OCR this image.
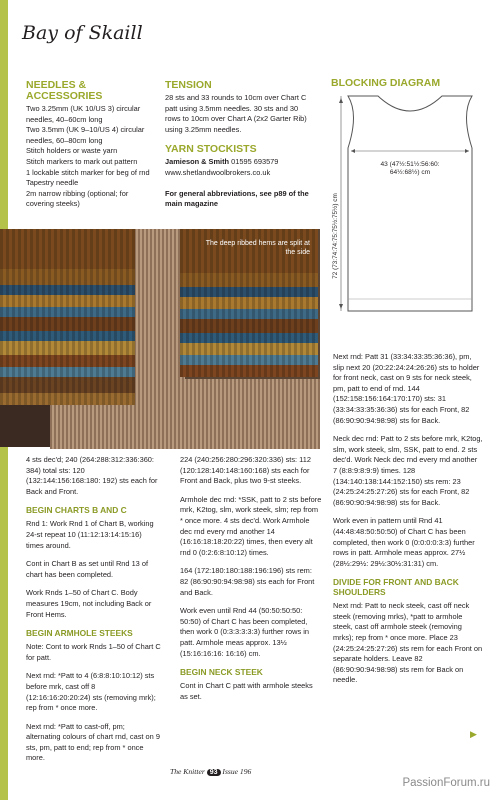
Bay of Skaill
NEEDLES & ACCESSORIES
Two 3.25mm (UK 10/US 3) circular needles, 40–60cm long
Two 3.5mm (UK 9–10/US 4) circular needles, 60–80cm long
Stitch holders or waste yarn
Stitch markers to mark out pattern
1 lockable stitch marker for beg of rnd
Tapestry needle
2m narrow ribbing (optional; for covering steeks)
TENSION
28 sts and 33 rounds to 10cm over Chart C patt using 3.5mm needles. 30 sts and 30 rows to 10cm over Chart A (2x2 Garter Rib) using 3.25mm needles.
YARN STOCKISTS
Jamieson & Smith 01595 693579
www.shetlandwoolbrokers.co.uk
For general abbreviations, see p89 of the main magazine
BLOCKING DIAGRAM
43 (47½:51½:56:60:
64½:68½) cm
72 (73:74:74:75:75½:75½) cm
The deep ribbed hems are split at the side

4 sts dec'd; 240 (264:288:312:336:360: 384) total sts: 120 (132:144:156:168:180: 192) sts each for Back and Front.

BEGIN CHARTS B AND C

Rnd 1: Work Rnd 1 of Chart B, working 24-st repeat 10 (11:12:13:14:15:16) times around.

Cont in Chart B as set until Rnd 13 of chart has been completed.

Work Rnds 1–50 of Chart C. Body measures 19cm, not including Back or Front Hems.

BEGIN ARMHOLE STEEKS

Note: Cont to work Rnds 1–50 of Chart C for patt.

Next rnd: *Patt to 4 (6:8:8:10:10:12) sts before mrk, cast off 8 (12:16:16:20:20:24) sts (removing mrk); rep from * once more.

Next rnd: *Patt to cast-off, pm; alternating colours of chart rnd, cast on 9 sts, pm, patt to end; rep from * once more.

224 (240:256:280:296:320:336) sts: 112 (120:128:140:148:160:168) sts each for Front and Back, plus two 9-st steeks.

Armhole dec rnd: *SSK, patt to 2 sts before mrk, K2tog, slm, work steek, slm; rep from * once more. 4 sts dec'd. Work Armhole dec rnd every rnd another 14 (16:16:18:18:20:22) times, then every alt rnd 0 (0:2:6:8:10:12) times.

164 (172:180:180:188:196:196) sts rem: 82 (86:90:90:94:98:98) sts each for Front and Back.

Work even until Rnd 44 (50:50:50:50: 50:50) of Chart C has been completed, then work 0 (0:3:3:3:3:3) further rows in patt. Armhole meas approx. 13½ (15:16:16:16: 16:16) cm.

BEGIN NECK STEEK

Cont in Chart C patt with armhole steeks as set.

Next rnd: Patt 31 (33:34:33:35:36:36), pm, slip next 20 (20:22:24:24:26:26) sts to holder for front neck, cast on 9 sts for neck steek, pm, patt to end of rnd. 144 (152:158:156:164:170:170) sts: 31 (33:34:33:35:36:36) sts for each Front, 82 (86:90:90:94:98:98) sts for Back.

Neck dec rnd: Patt to 2 sts before mrk, K2tog, slm, work steek, slm, SSK, patt to end. 2 sts dec'd. Work Neck dec rnd every rnd another 7 (8:8:9:8:9:9) times. 128 (134:140:138:144:152:150) sts rem: 23 (24:25:24:25:27:26) sts for each Front, 82 (86:90:90:94:98:98) sts for Back.

Work even in pattern until Rnd 41 (44:48:48:50:50:50) of Chart C has been completed, then work 0 (0:0:0:0:3:3) further rows in patt. Armhole meas approx. 27½ (28½:29½: 29½:30½:31:31) cm.

DIVIDE FOR FRONT AND BACK SHOULDERS

Next rnd: Patt to neck steek, cast off neck steek (removing mrks), *patt to armhole steek, cast off armhole steek (removing mrks); rep from * once more. Place 23 (24:25:24:25:27:26) sts rem for each Front on separate holders. Leave 82 (86:90:90:94:98:98) sts rem for Back on needle.

▶
The Knitter 93 Issue 196
PassionForum.ru
